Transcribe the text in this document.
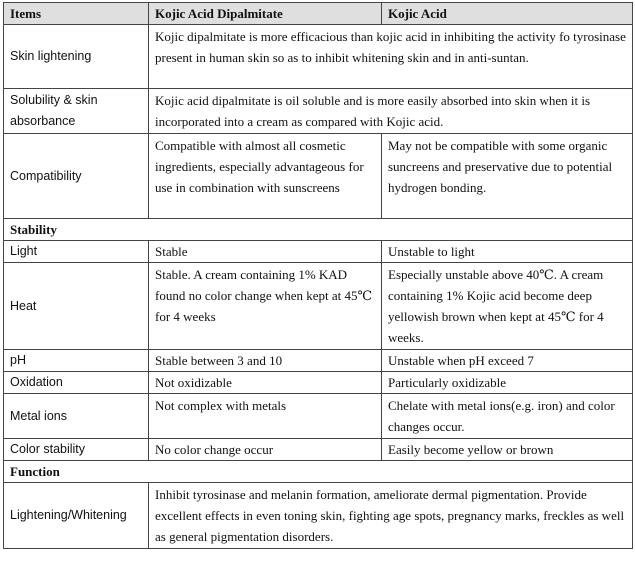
Items	Kojic Acid Dipalmitate	Kojic Acid
Skin lightening	Kojic dipalmitate is more efficacious than kojic acid in inhibiting the activity fo tyrosinase present in human skin so as to inhibit whitening skin and in anti-suntan.	
Solubility & skin absorbance	Kojic acid dipalmitate is oil soluble and is more easily absorbed into skin when it is incorporated into a cream as compared with Kojic acid.	
Compatibility	Compatible with almost all cosmetic ingredients, especially advantageous for use in combination with sunscreens	May not be compatible with some organic suncreens and preservative due to potential hydrogen bonding.
Stability		
Light	Stable	Unstable to light
Heat	Stable. A cream containing 1% KAD found no color change when kept at 45℃ for 4 weeks	Especially unstable above 40℃. A cream containing 1% Kojic acid become deep yellowish brown when kept at 45℃ for 4 weeks.
pH	Stable between 3 and 10	Unstable when pH exceed 7
Oxidation	Not oxidizable	Particularly oxidizable
Metal ions	Not complex with metals	Chelate with metal ions(e.g. iron) and color changes occur.
Color stability	No color change occur	Easily become yellow or brown
Function		
Lightening/Whitening	Inhibit tyrosinase and melanin formation, ameliorate dermal pigmentation. Provide excellent effects in even toning skin, fighting age spots, pregnancy marks, freckles as well as general pigmentation disorders.	
